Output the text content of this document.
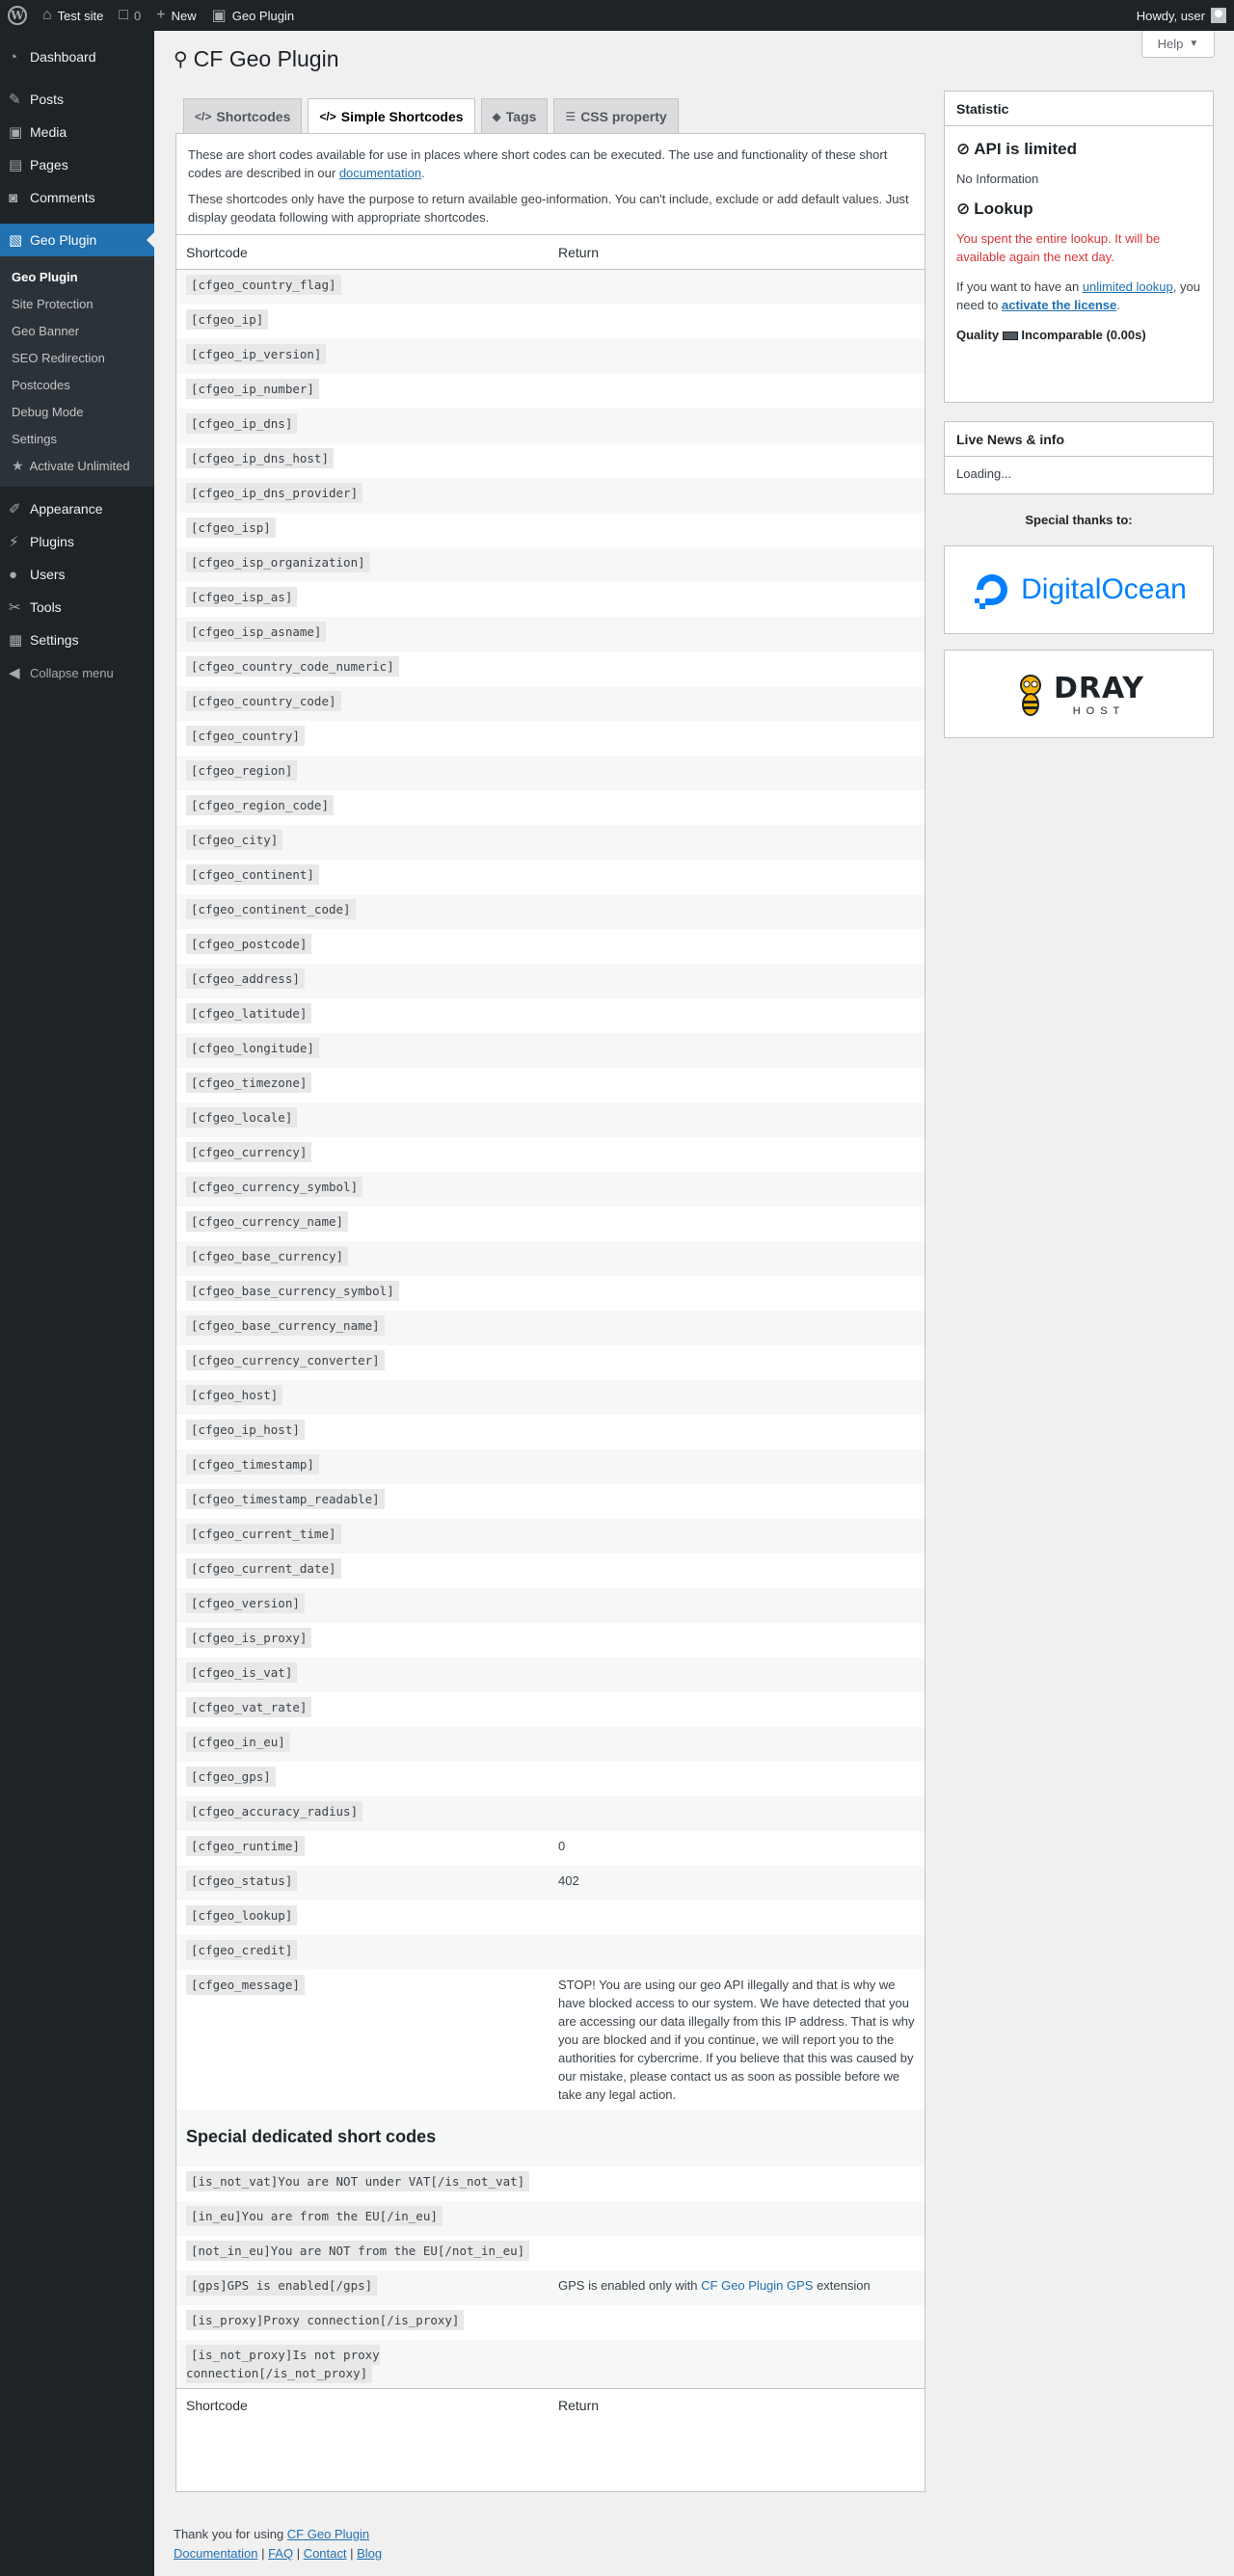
W ⌂ Test site □ 0 + New ▣ Geo Plugin	Howdy, user
◔ Dashboard
✎ Posts
▣ Media
▤ Pages
◙ Comments
▧ Geo Plugin
Geo Plugin
Site Protection
Geo Banner
SEO Redirection
Postcodes
Debug Mode
Settings
★ Activate Unlimited
✐ Appearance
⚡ Plugins
● Users
✂ Tools
▦ Settings
◀ Collapse menu
Help ▼
⚲ CF Geo Plugin
</> Shortcodes	</> Simple Shortcodes	◆ Tags	☰ CSS property

These are short codes available for use in places where short codes can be executed. The use and functionality of these short codes are described in our documentation.

These shortcodes only have the purpose to return available geo-information. You can't include, exclude or add default values. Just display geodata following with appropriate shortcodes.

Shortcode	Return
[cfgeo_country_flag]	
[cfgeo_ip]	
[cfgeo_ip_version]	
[cfgeo_ip_number]	
[cfgeo_ip_dns]	
[cfgeo_ip_dns_host]	
[cfgeo_ip_dns_provider]	
[cfgeo_isp]	
[cfgeo_isp_organization]	
[cfgeo_isp_as]	
[cfgeo_isp_asname]	
[cfgeo_country_code_numeric]	
[cfgeo_country_code]	
[cfgeo_country]	
[cfgeo_region]	
[cfgeo_region_code]	
[cfgeo_city]	
[cfgeo_continent]	
[cfgeo_continent_code]	
[cfgeo_postcode]	
[cfgeo_address]	
[cfgeo_latitude]	
[cfgeo_longitude]	
[cfgeo_timezone]	
[cfgeo_locale]	
[cfgeo_currency]	
[cfgeo_currency_symbol]	
[cfgeo_currency_name]	
[cfgeo_base_currency]	
[cfgeo_base_currency_symbol]	
[cfgeo_base_currency_name]	
[cfgeo_currency_converter]	
[cfgeo_host]	
[cfgeo_ip_host]	
[cfgeo_timestamp]	
[cfgeo_timestamp_readable]	
[cfgeo_current_time]	
[cfgeo_current_date]	
[cfgeo_version]	
[cfgeo_is_proxy]	
[cfgeo_is_vat]	
[cfgeo_vat_rate]	
[cfgeo_in_eu]	
[cfgeo_gps]	
[cfgeo_accuracy_radius]	
[cfgeo_runtime]	0
[cfgeo_status]	402
[cfgeo_lookup]	
[cfgeo_credit]	
[cfgeo_message]	STOP! You are using our geo API illegally and that is why we have blocked access to our system. We have detected that you are accessing our data illegally from this IP address. That is why you are blocked and if you continue, we will report you to the authorities for cybercrime. If you believe that this was caused by our mistake, please contact us as soon as possible before we take any legal action.

Special dedicated short codes	

[is_not_vat]You are NOT under VAT[/is_not_vat]	
[in_eu]You are from the EU[/in_eu]	
[not_in_eu]You are NOT from the EU[/not_in_eu]	
[gps]GPS is enabled[/gps]	GPS is enabled only with CF Geo Plugin GPS extension
[is_proxy]Proxy connection[/is_proxy]	
[is_not_proxy]Is not proxy connection[/is_not_proxy]	
Shortcode	Return
Statistic
⊘ API is limited

No Information

⊘ Lookup

You spent the entire lookup. It will be available again the next day.

If you want to have an unlimited lookup, you need to activate the license.

Quality Incomparable (0.00s)

Live News & info
Loading...
Special thanks to:
DigitalOcean
DRAY
HOST
Thank you for using CF Geo Plugin
Documentation | FAQ | Contact | Blog
